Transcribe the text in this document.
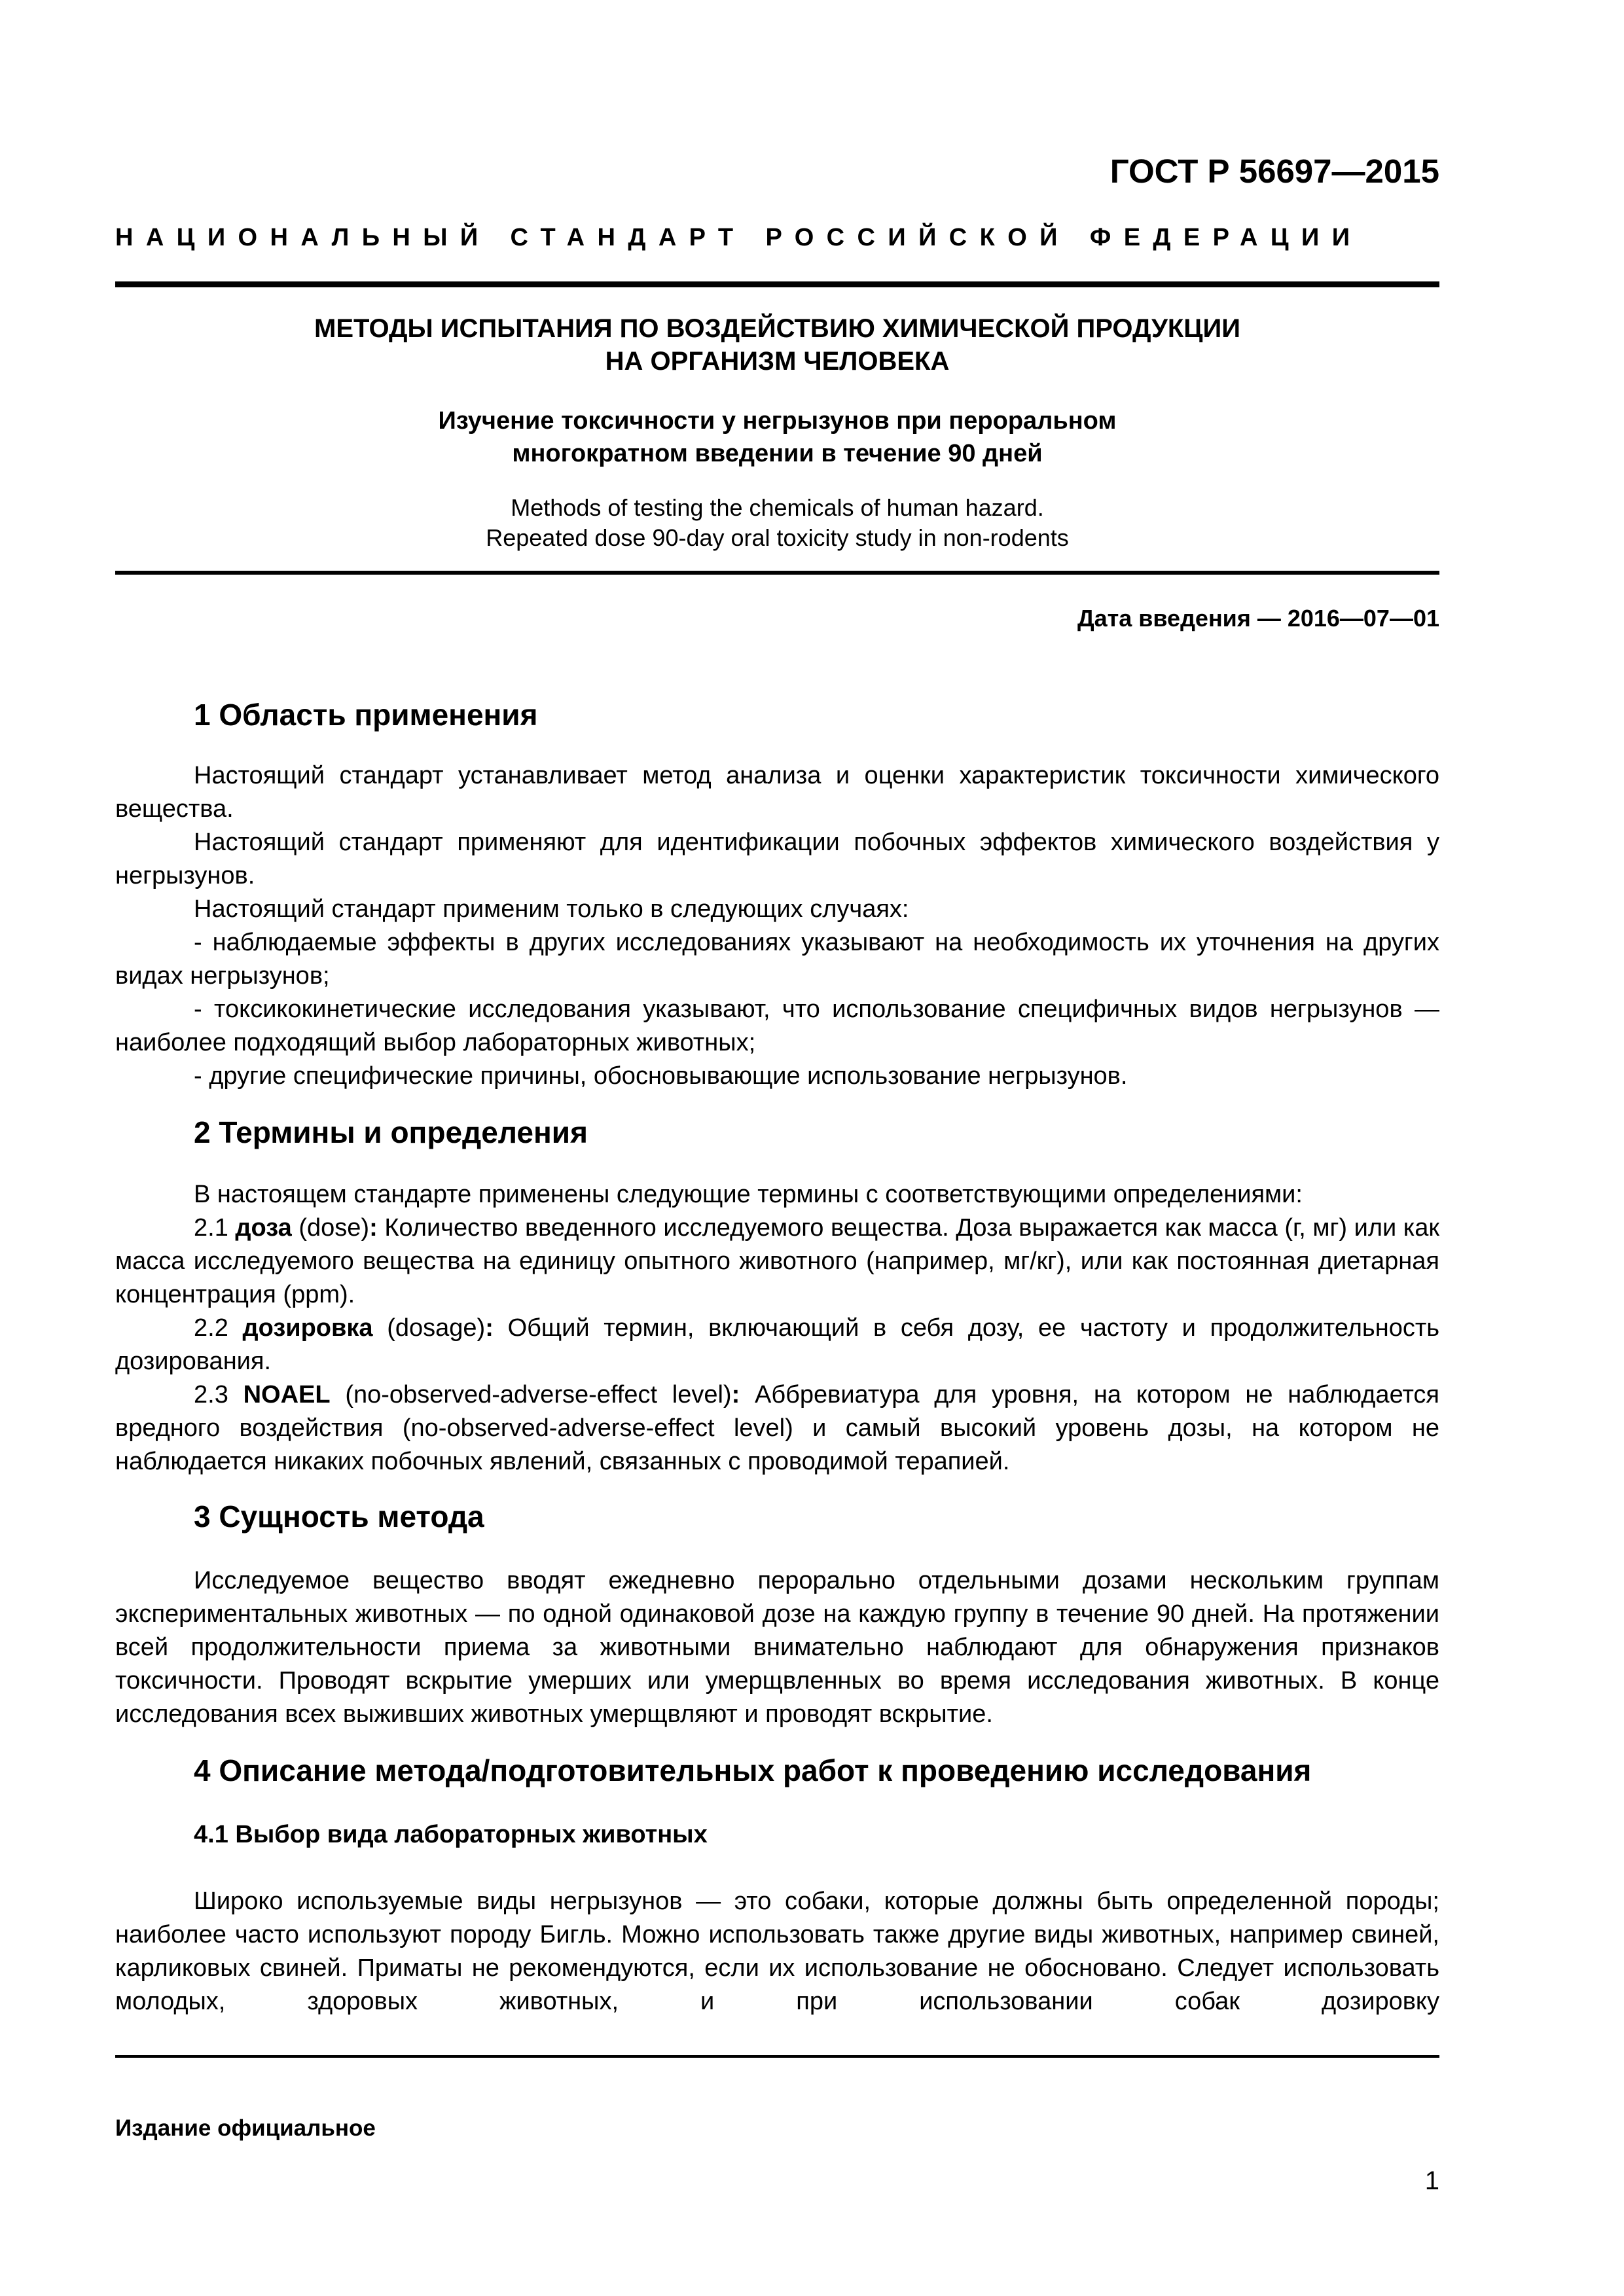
ГОСТ Р 56697—2015
НАЦИОНАЛЬНЫЙ СТАНДАРТ РОССИЙСКОЙ ФЕДЕРАЦИИ
МЕТОДЫ ИСПЫТАНИЯ ПО ВОЗДЕЙСТВИЮ ХИМИЧЕСКОЙ ПРОДУКЦИИ
НА ОРГАНИЗМ ЧЕЛОВЕКА
Изучение токсичности у негрызунов при пероральном
многократном введении в течение 90 дней
Methods of testing the chemicals of human hazard.
Repeated dose 90-day oral toxicity study in non-rodents
Дата введения — 2016—07—01
1 Область применения

Настоящий стандарт устанавливает метод анализа и оценки характеристик токсичности химического вещества.

Настоящий стандарт применяют для идентификации побочных эффектов химического воздействия у негрызунов.

Настоящий стандарт применим только в следующих случаях:

- наблюдаемые эффекты в других исследованиях указывают на необходимость их уточнения на других видах негрызунов;

- токсикокинетические исследования указывают, что использование специфичных видов негрызунов — наиболее подходящий выбор лабораторных животных;

- другие специфические причины, обосновывающие использование негрызунов.

2 Термины и определения

В настоящем стандарте применены следующие термины с соответствующими определениями:

2.1 доза (dose): Количество введенного исследуемого вещества. Доза выражается как масса (г, мг) или как масса исследуемого вещества на единицу опытного животного (например, мг/кг), или как постоянная диетарная концентрация (ppm).

2.2 дозировка (dosage): Общий термин, включающий в себя дозу, ее частоту и продолжительность дозирования.

2.3 NOAEL (no-observed-adverse-effect level): Аббревиатура для уровня, на котором не наблюдается вредного воздействия (no-observed-adverse-effect level) и самый высокий уровень дозы, на котором не наблюдается никаких побочных явлений, связанных с проводимой терапией.

3 Сущность метода

Исследуемое вещество вводят ежедневно перорально отдельными дозами нескольким группам экспериментальных животных — по одной одинаковой дозе на каждую группу в течение 90 дней. На протяжении всей продолжительности приема за животными внимательно наблюдают для обнаружения признаков токсичности. Проводят вскрытие умерших или умерщвленных во время исследования животных. В конце исследования всех выживших животных умерщвляют и проводят вскрытие.

4 Описание метода/подготовительных работ к проведению исследования
4.1 Выбор вида лабораторных животных

Широко используемые виды негрызунов — это собаки, которые должны быть определенной породы; наиболее часто используют породу Бигль. Можно использовать также другие виды животных, например свиней, карликовых свиней. Приматы не рекомендуются, если их использование не обосновано. Следует использовать молодых, здоровых животных, и при использовании собак дозировку

Издание официальное
1
